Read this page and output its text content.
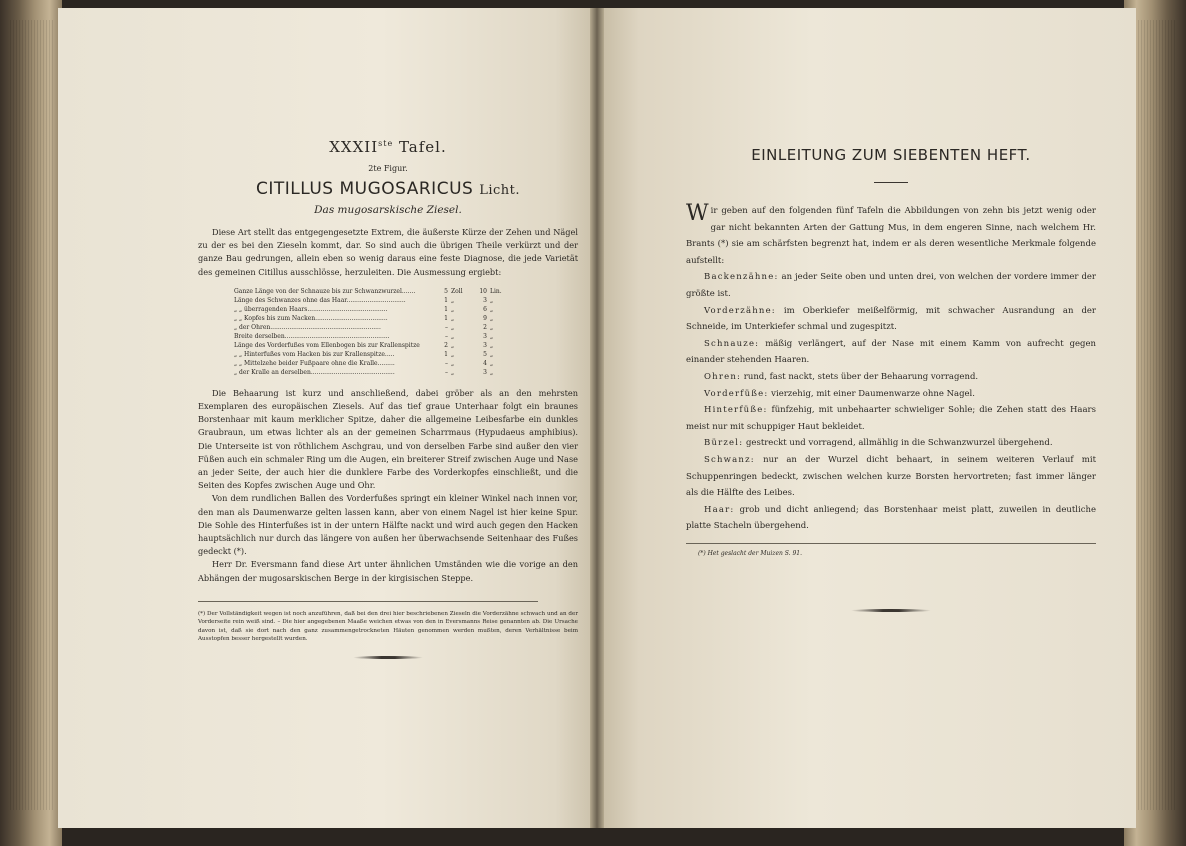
XXXIIste Tafel.
2te Figur.
CITILLUS MUGOSARICUS Licht.
Das mugosarskische Ziesel.

Diese Art stellt das entgegengesetzte Extrem, die äußerste Kürze der Zehen und Nägel zu der es bei den Zieseln kommt, dar. So sind auch die übrigen Theile verkürzt und der ganze Bau gedrungen, allein eben so wenig daraus eine feste Diagnose, die jede Varietät des gemeinen Citillus ausschlösse, herzuleiten. Die Ausmessung ergiebt:

Ganze Länge von der Schnauze bis zur Schwanzwurzel.......	5	Zoll	10	Lin.
Länge des Schwanzes ohne das Haar...............................	1	„	3	„
„ „ überragenden Haars..........................................	1	„	6	„
„ „ Kopfes bis zum Nacken......................................	1	„	9	„
„ der Ohren..........................................................	–	„	2	„
Breite derselben.......................................................	–	„	3	„
Länge des Vorderfußes vom Ellenbogen bis zur Krallenspitze	2	„	3	„
„ „ Hinterfußes vom Hacken bis zur Krallenspitze.....	1	„	5	„
„ „ Mittelzehe beider Fußpaare ohne die Kralle.........	–	„	4	„
„ der Kralle an derselben............................................	–	„	3	„

Die Behaarung ist kurz und anschließend, dabei gröber als an den mehrsten Exemplaren des europäischen Ziesels. Auf das tief graue Unterhaar folgt ein braunes Borstenhaar mit kaum merklicher Spitze, daher die allgemeine Leibesfarbe ein dunkles Graubraun, um etwas lichter als an der gemeinen Scharrmaus (Hypudaeus amphibius). Die Unterseite ist von röthlichem Aschgrau, und von derselben Farbe sind außer den vier Füßen auch ein schmaler Ring um die Augen, ein breiterer Streif zwischen Auge und Nase an jeder Seite, der auch hier die dunklere Farbe des Vorderkopfes einschließt, und die Seiten des Kopfes zwischen Auge und Ohr.

Von dem rundlichen Ballen des Vorderfußes springt ein kleiner Winkel nach innen vor, den man als Daumenwarze gelten lassen kann, aber von einem Nagel ist hier keine Spur. Die Sohle des Hinterfußes ist in der untern Hälfte nackt und wird auch gegen den Hacken hauptsächlich nur durch das längere von außen her überwachsende Seitenhaar des Fußes gedeckt (*).

Herr Dr. Eversmann fand diese Art unter ähnlichen Umständen wie die vorige an den Abhängen der mugosarskischen Berge in der kirgisischen Steppe.

(*) Der Vollständigkeit wegen ist noch anzuführen, daß bei den drei hier beschriebenen Zieseln die Vorderzähne schwach und an der Vorderseite rein weiß sind. – Die hier angegebenen Maaße weichen etwas von den in Eversmanns Reise genannten ab. Die Ursache davon ist, daß sie dort nach den ganz zusammengetrockneten Häuten genommen werden mußten, deren Verhältnisse beim Ausstopfen besser hergestellt wurden.

EINLEITUNG ZUM SIEBENTEN HEFT.

Wir geben auf den folgenden fünf Tafeln die Abbildungen von zehn bis jetzt wenig oder gar nicht bekannten Arten der Gattung Mus, in dem engeren Sinne, nach welchem Hr. Brants (*) sie am schärfsten begrenzt hat, indem er als deren wesentliche Merkmale folgende aufstellt:

Backenzähne: an jeder Seite oben und unten drei, von welchen der vordere immer der größte ist.

Vorderzähne: im Oberkiefer meißelförmig, mit schwacher Ausrandung an der Schneide, im Unterkiefer schmal und zugespitzt.

Schnauze: mäßig verlängert, auf der Nase mit einem Kamm von aufrecht gegen einander stehenden Haaren.

Ohren: rund, fast nackt, stets über der Behaarung vorragend.

Vorderfüße: vierzehig, mit einer Daumenwarze ohne Nagel.

Hinterfüße: fünfzehig, mit unbehaarter schwieliger Sohle; die Zehen statt des Haars meist nur mit schuppiger Haut bekleidet.

Bürzel: gestreckt und vorragend, allmählig in die Schwanzwurzel übergehend.

Schwanz: nur an der Wurzel dicht behaart, in seinem weiteren Verlauf mit Schuppenringen bedeckt, zwischen welchen kurze Borsten hervortreten; fast immer länger als die Hälfte des Leibes.

Haar: grob und dicht anliegend; das Borstenhaar meist platt, zuweilen in deutliche platte Stacheln übergehend.

(*) Het geslacht der Muizen S. 91.
